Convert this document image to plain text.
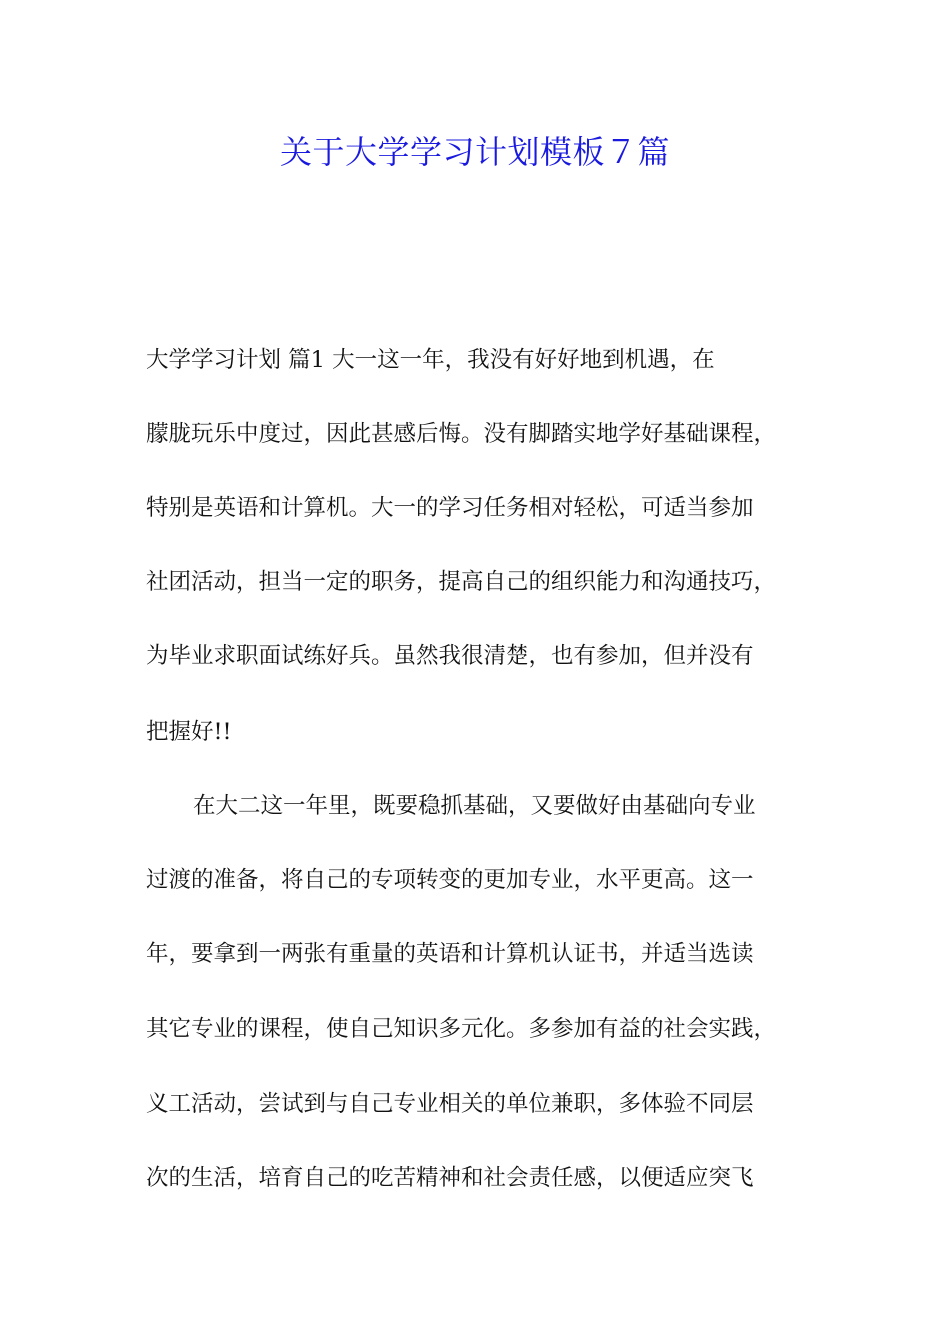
关于大学学习计划模板７篇

大学学习计划 篇1 大一这一年，我没有好好地到机遇，在

朦胧玩乐中度过，因此甚感后悔。没有脚踏实地学好基础课程，

特别是英语和计算机。大一的学习任务相对轻松，可适当参加

社团活动，担当一定的职务，提高自己的组织能力和沟通技巧，

为毕业求职面试练好兵。虽然我很清楚，也有参加，但并没有

把握好!!

在大二这一年里，既要稳抓基础，又要做好由基础向专业

过渡的准备，将自己的专项转变的更加专业，水平更高。这一

年，要拿到一两张有重量的英语和计算机认证书，并适当选读

其它专业的课程，使自己知识多元化。多参加有益的社会实践，

义工活动，尝试到与自己专业相关的单位兼职，多体验不同层

次的生活，培育自己的吃苦精神和社会责任感，以便适应突飞
